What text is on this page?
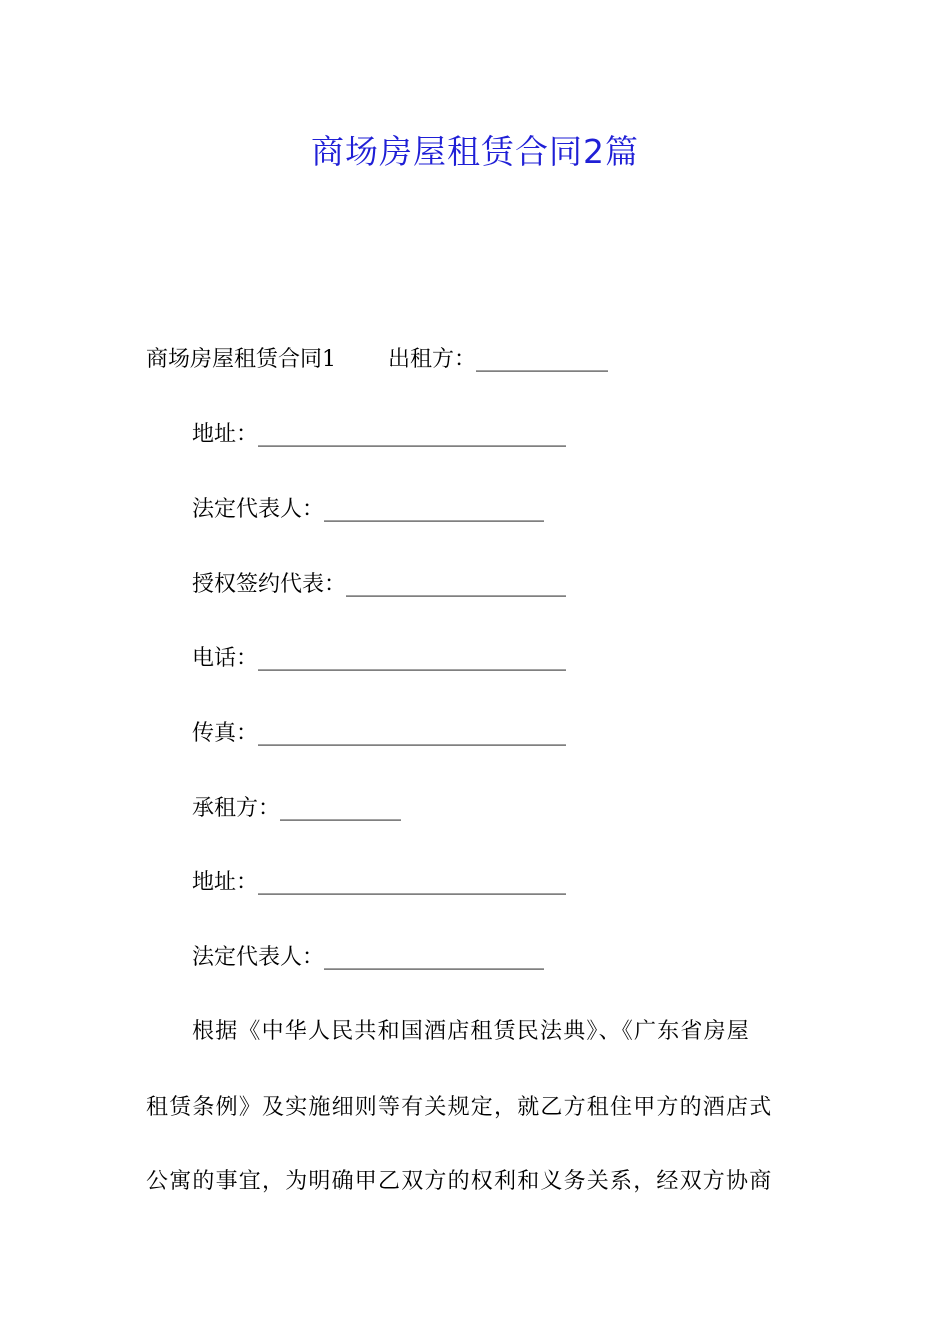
商场房屋租赁合同2篇
商场房屋租赁合同1 出租方：____________
地址：____________________________
法定代表人：____________________
授权签约代表：____________________
电话：____________________________
传真：____________________________
承租方：___________
地址：____________________________
法定代表人：____________________
根据《中华人民共和国酒店租赁民法典》、《广东省房屋
租赁条例》及实施细则等有关规定，就乙方租住甲方的酒店式
公寓的事宜，为明确甲乙双方的权利和义务关系，经双方协商
